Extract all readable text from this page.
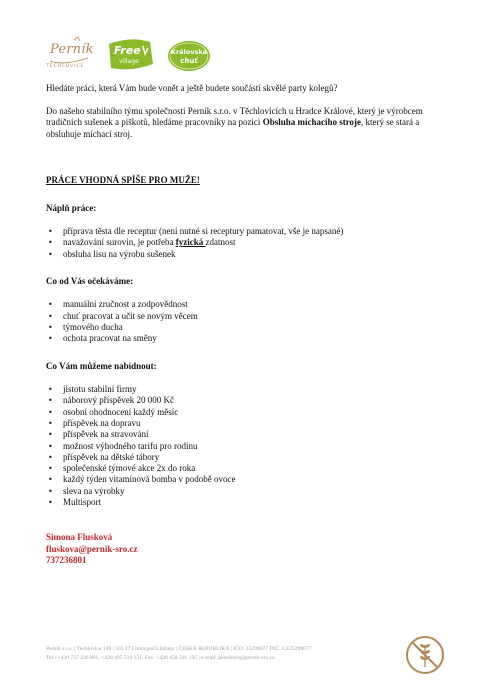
Perník
TĚCHLOVICE
Free
village
Královská
chuť

Hledáte práci, která Vám bude vonět a ještě budete součástí skvělé party kolegů?

Do našeho stabilního týmu společnosti Perník s.r.o. v Těchlovicích u Hradce Králové, který je výrobcem tradičních sušenek a piškotů, hledáme pracovníky na pozici Obsluha míchacího stroje, který se stará a obsluhuje míchací stroj.

PRÁCE VHODNÁ SPÍŠE PRO MUŽE!

Náplň práce:

• příprava těsta dle receptur (není nutné si receptury pamatovat, vše je napsané)
• navažování surovin, je potřeba fyzická zdatnost
• obsluha lisu na výrobu sušenek

Co od Vás očekáváme:

• manuální zručnost a zodpovědnost
• chuť pracovat a učit se novým věcem
• týmového ducha
• ochota pracovat na směny

Co Vám můžeme nabídnout:

• jistotu stabilní firmy
• náborový příspěvek 20 000 Kč
• osobní ohodnocení každý měsíc
• příspěvek na dopravu
• příspěvek na stravování
• možnost výhodného tarifu pro rodinu
• příspěvek na dětské tábory
• společenské týmové akce 2x do roka
• každý týden vitamínová bomba v podobě ovoce
• sleva na výrobky
• Multisport
Simona Flusková
fluskova@pernik-sro.cz
737236801
Perník s.r.o. | Těchlovice 130 | 503 27 Lhota pod Libčany | ČESKÁ REPUBLIKA | IČO: 25299077 DIČ: CZ25299077
Tel.: +420 737 236 801, +420 495 510 131, Fax: +420 458 501 135 | e-mail: pernikoro@pernik-sro.cz
